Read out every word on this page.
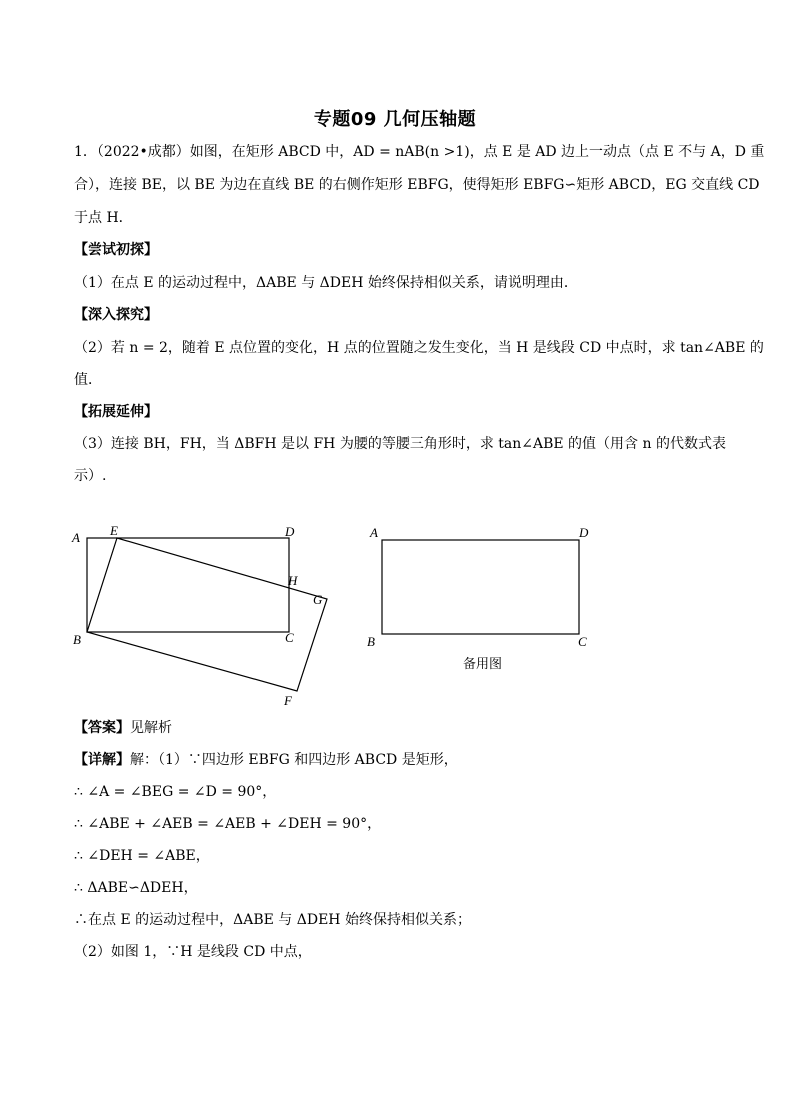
专题09 几何压轴题
1．（2022•成都）如图，在矩形 ABCD 中，AD = nAB(n >1)，点 E 是 AD 边上一动点（点 E 不与 A，D 重
合），连接 BE，以 BE 为边在直线 BE 的右侧作矩形 EBFG，使得矩形 EBFG∽矩形 ABCD，EG 交直线 CD
于点 H．
【尝试初探】
（1）在点 E 的运动过程中，ΔABE 与 ΔDEH 始终保持相似关系，请说明理由．
【深入探究】
（2）若 n = 2，随着 E 点位置的变化，H 点的位置随之发生变化，当 H 是线段 CD 中点时，求 tan∠ABE 的
值．
【拓展延伸】
（3）连接 BH，FH，当 ΔBFH 是以 FH 为腰的等腰三角形时，求 tan∠ABE 的值（用含 n 的代数式表
示）.
A E	D
H
G
B	C
F
A	D
B	C
备用图
【答案】见解析
【详解】解：（1）∵四边形 EBFG 和四边形 ABCD 是矩形，
∴ ∠A = ∠BEG = ∠D = 90°，
∴ ∠ABE + ∠AEB = ∠AEB + ∠DEH = 90°，
∴ ∠DEH = ∠ABE，
∴ ΔABE∽ΔDEH，
∴在点 E 的运动过程中，ΔABE 与 ΔDEH 始终保持相似关系；
（2）如图 1，∵H 是线段 CD 中点，
